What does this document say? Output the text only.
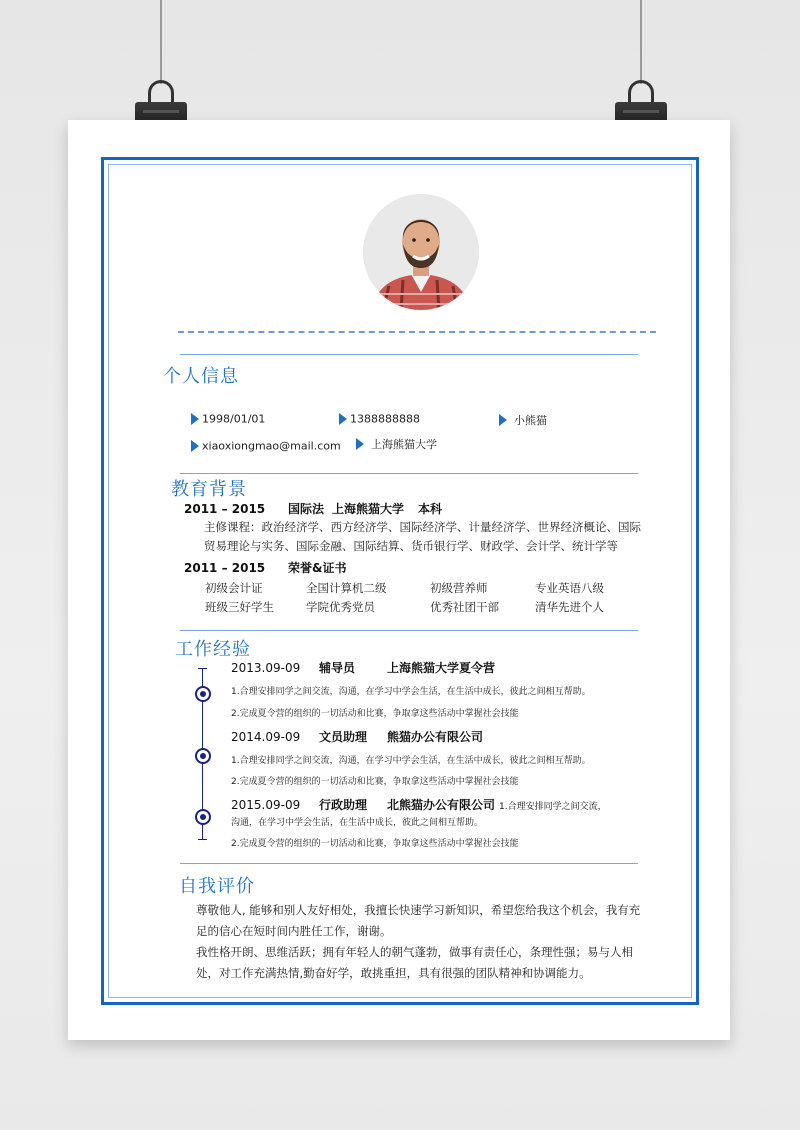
个人信息
1998/01/01	1388888888	小熊猫
xiaoxiongmao@mail.com	上海熊猫大学
教育背景
2011 – 2015 国际法 上海熊猫大学 本科
主修课程：政治经济学、西方经济学、国际经济学、计量经济学、世界经济概论、国际贸易理论与实务、国际金融、国际结算、货币银行学、财政学、会计学、统计学等
2011 – 2015 荣誉&证书
初级会计证	全国计算机二级	初级营养师	专业英语八级
班级三好学生	学院优秀党员	优秀社团干部	清华先进个人
工作经验
2013.09-09 辅导员	上海熊猫大学夏令营
1.合理安排同学之间交流，沟通，在学习中学会生活，在生活中成长，彼此之间相互帮助。
2.完成夏令营的组织的一切活动和比赛，争取拿这些活动中掌握社会技能
2014.09-09 文员助理 熊猫办公有限公司
1.合理安排同学之间交流，沟通，在学习中学会生活，在生活中成长，彼此之间相互帮助。
2.完成夏令营的组织的一切活动和比赛，争取拿这些活动中掌握社会技能
2015.09-09 行政助理 北熊猫办公有限公司 1.合理安排同学之间交流，
沟通，在学习中学会生活，在生活中成长，彼此之间相互帮助。
2.完成夏令营的组织的一切活动和比赛，争取拿这些活动中掌握社会技能
自我评价

尊敬他人, 能够和别人友好相处，我擅长快速学习新知识，希望您给我这个机会，我有充足的信心在短时间内胜任工作，谢谢。

我性格开朗、思维活跃；拥有年轻人的朝气蓬勃，做事有责任心，条理性强；易与人相处，对工作充满热情,勤奋好学，敢挑重担，具有很强的团队精神和协调能力。
